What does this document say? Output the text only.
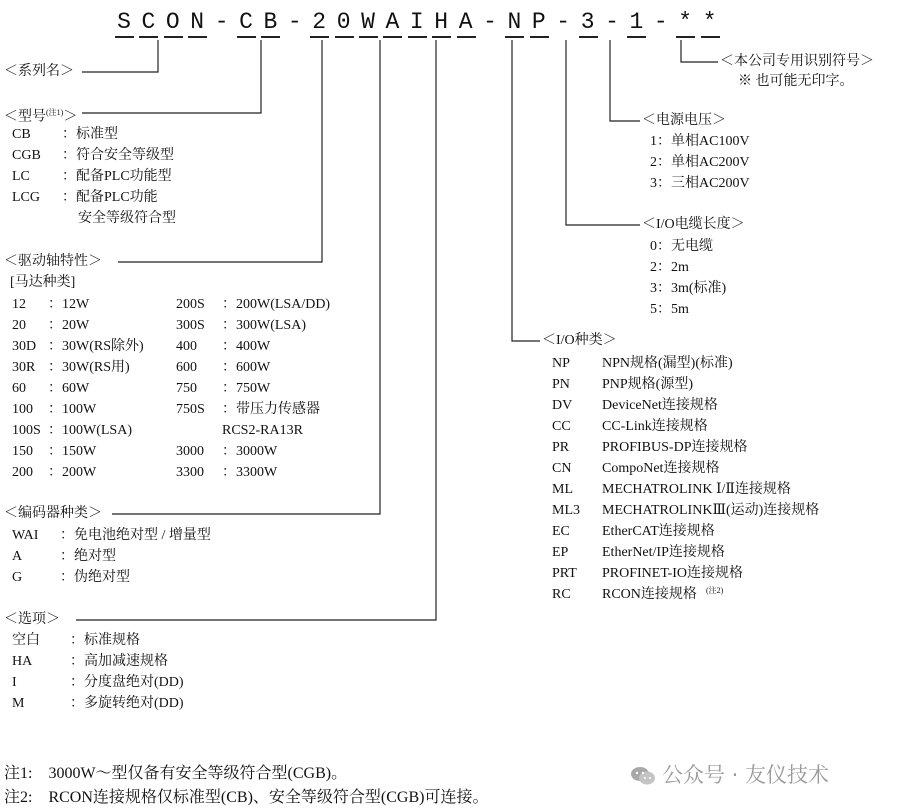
S C O N - C B - 2 0 W A I H A - N P - 3 - 1 - * *
＜系列名＞
＜型号$^{(注1)}$＞
CB ：标准型
CGB ：符合安全等级型
LC ：配备PLC功能型
LCG ：配备PLC功能
安全等级符合型
＜驱动轴特性＞
[马达种类]
12 ：12W
20 ：20W
30D ：30W(RS除外)
30R ：30W(RS用)
60 ：60W
100 ：100W
100S ：100W(LSA)
150 ：150W
200 ：200W
200S ：200W(LSA/DD)
300S ：300W(LSA)
400 ：400W
600 ：600W
750 ：750W
750S ：带压力传感器
RCS2-RA13R
3000 ：3000W
3300 ：3300W
＜编码器种类＞
WAI ：免电池绝对型 / 增量型
A	：绝对型
G	：伪绝对型
＜选项＞
空白 ：标准规格
HA	：高加减速规格
I	：分度盘绝对(DD)
M	：多旋转绝对(DD)
＜本公司专用识别符号＞
※ 也可能无印字。
＜电源电压＞
1：单相AC100V
2：单相AC200V
3：三相AC200V
＜I/O电缆长度＞
0：无电缆
2：2m
3：3m(标准)
5：5m
＜I/O种类＞
NP NPN规格(漏型)(标准)
PN PNP规格(源型)
DV DeviceNet连接规格
CC CC-Link连接规格
PR PROFIBUS-DP连接规格
CN CompoNet连接规格
ML MECHATROLINK Ⅰ/Ⅱ连接规格
ML3 MECHATROLINKⅢ(运动)连接规格
EC EtherCAT连接规格
EP EtherNet/IP连接规格
PRT PROFINET-IO连接规格
RC RCON连接规格 (注2)
注1:　3000W～型仅备有安全等级符合型(CGB)。
注2:　RCON连接规格仅标准型(CB)、安全等级符合型(CGB)可连接。
公众号 · 友仪技术
